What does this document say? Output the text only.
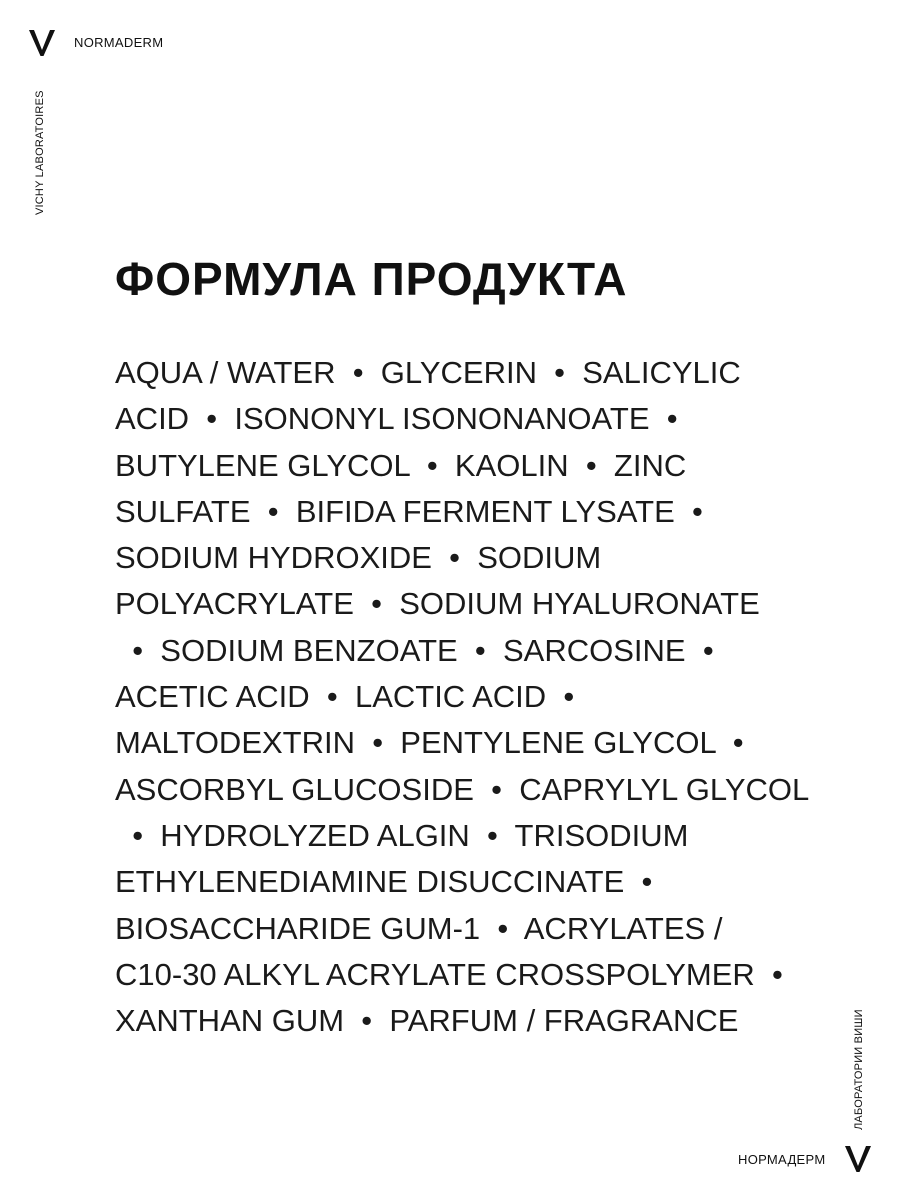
NORMADERM
VICHY LABORATOIRES
ФОРМУЛА ПРОДУКТА
AQUA / WATER  •  GLYCERIN  •  SALICYLIC
ACID  •  ISONONYL ISONONANOATE  •
BUTYLENE GLYCOL  •  KAOLIN  •  ZINC
SULFATE  •  BIFIDA FERMENT LYSATE  •
SODIUM HYDROXIDE  •  SODIUM
POLYACRYLATE  •  SODIUM HYALURONATE
•  SODIUM BENZOATE  •  SARCOSINE  •
ACETIC ACID  •  LACTIC ACID  •
MALTODEXTRIN  •  PENTYLENE GLYCOL  •
ASCORBYL GLUCOSIDE  •  CAPRYLYL GLYCOL
•  HYDROLYZED ALGIN  •  TRISODIUM
ETHYLENEDIAMINE DISUCCINATE  •
BIOSACCHARIDE GUM-1  •  ACRYLATES /
C10-30 ALKYL ACRYLATE CROSSPOLYMER  •
XANTHAN GUM  •  PARFUM / FRAGRANCE	ЛАБОРАТОРИИ ВИШИ
НОРМАДЕРМ
